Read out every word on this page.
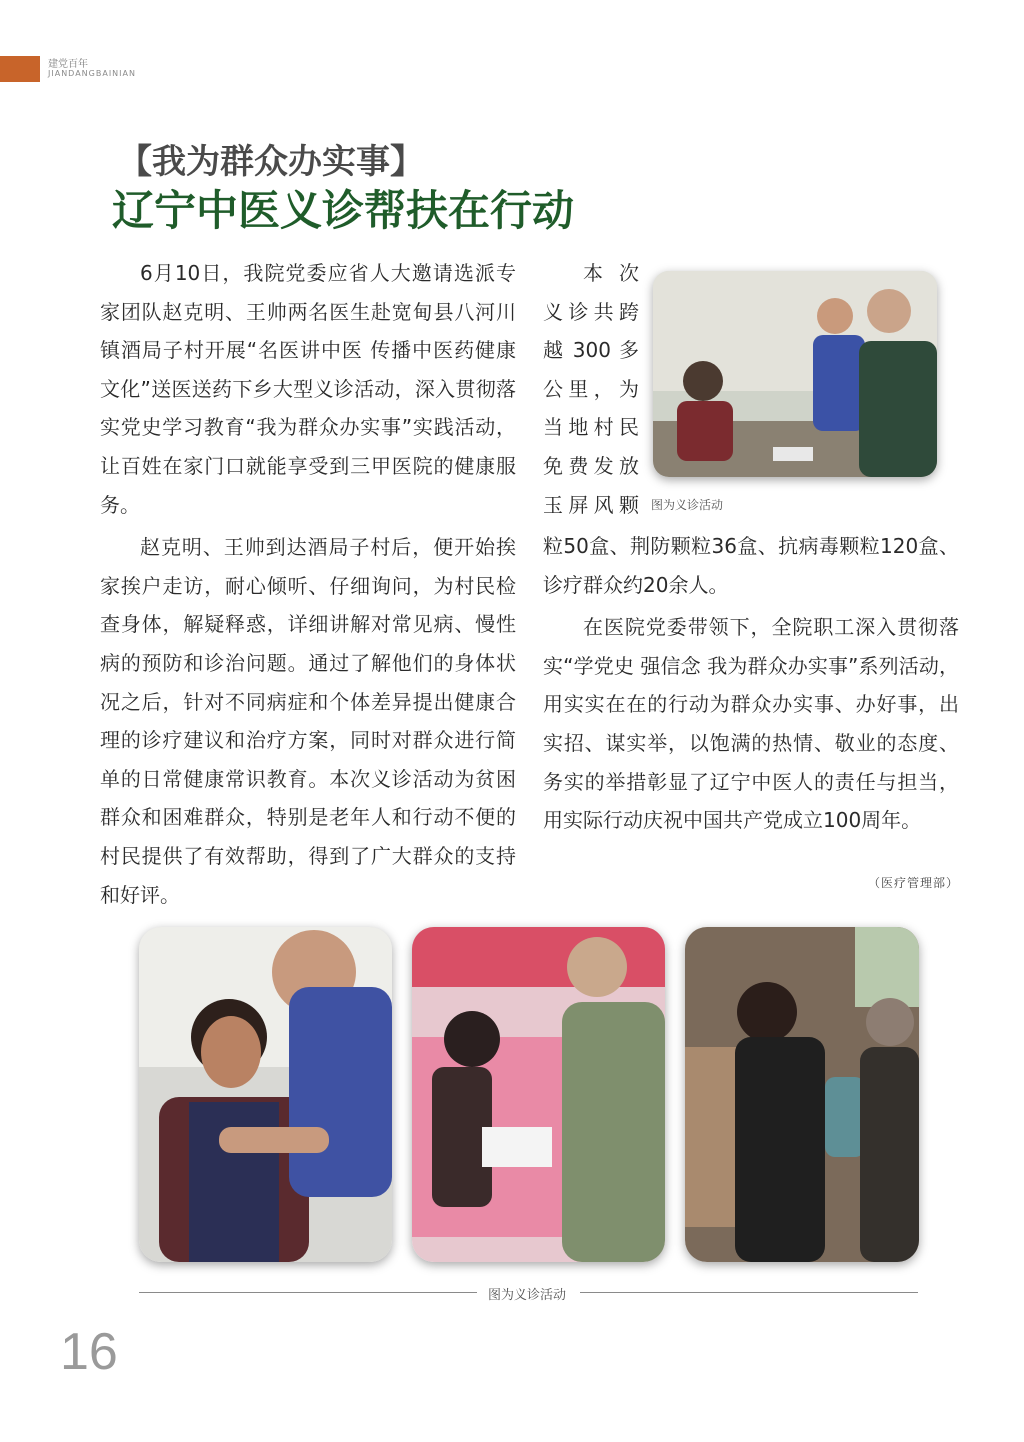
建党百年
JIANDANGBAINIAN
【我为群众办实事】
辽宁中医义诊帮扶在行动

6月10日，我院党委应省人大邀请选派专家团队赵克明、王帅两名医生赴宽甸县八河川镇酒局子村开展“名医讲中医 传播中医药健康文化”送医送药下乡大型义诊活动，深入贯彻落实党史学习教育“我为群众办实事”实践活动，让百姓在家门口就能享受到三甲医院的健康服务。

赵克明、王帅到达酒局子村后，便开始挨家挨户走访，耐心倾听、仔细询问，为村民检查身体，解疑释惑，详细讲解对常见病、慢性病的预防和诊治问题。通过了解他们的身体状况之后，针对不同病症和个体差异提出健康合理的诊疗建议和治疗方案，同时对群众进行简单的日常健康常识教育。本次义诊活动为贫困群众和困难群众，特别是老年人和行动不便的村民提供了有效帮助，得到了广大群众的支持和好评。

本 次
义诊共跨
越 300 多
公里，为
当地村民
免费发放
玉屏风颗 图为义诊活动

粒50盒、荆防颗粒36盒、抗病毒颗粒120盒、诊疗群众约20余人。

在医院党委带领下，全院职工深入贯彻落实“学党史 强信念 我为群众办实事”系列活动，用实实在在的行动为群众办实事、办好事，出实招、谋实举，以饱满的热情、敬业的态度、务实的举措彰显了辽宁中医人的责任与担当，用实际行动庆祝中国共产党成立100周年。

（医疗管理部）
图为义诊活动
16
